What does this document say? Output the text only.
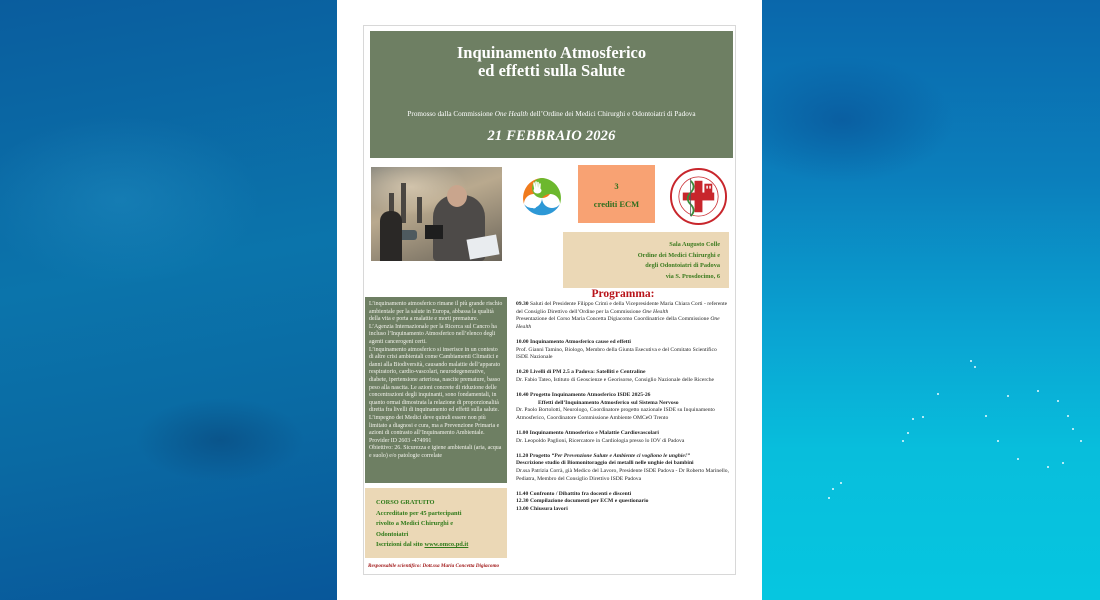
Inquinamento Atmosferico
ed effetti sulla Salute
Promosso dalla Commissione One Health dell’Ordine dei Medici Chirurghi e Odontoiatri di Padova
21 FEBBRAIO 2026
3
crediti ECM
Sala Augusto Colle
Ordine dei Medici Chirurghi e
degli Odontoiatri di Padova
via S. Prosdocimo, 6

L’inquinamento atmosferico rimane il più grande rischio ambientale per la salute in Europa, abbassa la qualità della vita e porta a malattie e morti premature. L’Agenzia Internazionale per la Ricerca sul Cancro ha incluso l’Inquinamento Atmosferico nell’elenco degli agenti cancerogeni certi.

L’inquinamento atmosferico si inserisce in un contesto di altre crisi ambientali come Cambiamenti Climatici e danni alla Biodiversità, causando malattie dell’apparato respiratorio, cardio-vascolari, neurodegenerative, diabete, ipertensione arteriosa, nascite premature, basso peso alla nascita. Le azioni concrete di riduzione delle concentrazioni degli inquinanti, sono fondamentali, in quanto ormai dimostrata la relazione di proporzionalità diretta fra livelli di inquinamento ed effetti sulla salute.

L’impegno dei Medici deve quindi essere non più limitato a diagnosi e cura, ma a Prevenzione Primaria e azioni di contrasto all’Inquinamento Ambientale.

Provider ID 2603 -474991

Obiettivo: 26. Sicurezza e igiene ambientali (aria, acqua e suolo) e/o patologie correlate

CORSO GRATUITO
Accreditato per 45 partecipanti
rivolto a Medici Chirurghi e
Odontoiatri
Iscrizioni dal sito www.omco.pd.it
Responsabile scientifico: Dott.ssa Maria Concetta Digiacomo
Programma:
09.30 Saluti del Presidente Filippo Crimì e della Vicepresidente Maria Chiara Corti - referente del Consiglio Direttivo dell’Ordine per la Commissione One Health
Presentazione del Corso Maria Concetta Digiacomo Coordinatrice della Commissione One Health
10.00 Inquinamento Atmosferico cause ed effetti
Prof. Gianni Tamino, Biologo, Membro della Giunta Esecutiva e del Comitato Scientifico ISDE Nazionale
10.20 Livelli di PM 2.5 a Padova: Satelliti e Centraline
Dr. Fabio Tateo, Istituto di Geoscienze e Georisorse, Consiglio Nazionale delle Ricerche
10.40 Progetto Inquinamento Atmosferico ISDE 2025-26
Effetti dell’Inquinamento Atmosferico sul Sistema Nervoso
Dr. Paolo Bortolotti, Neurologo, Coordinatore progetto nazionale ISDE su Inquinamento Atmosferico, Coordinatore Commissione Ambiente OMCeO Trento
11.00 Inquinamento Atmosferico e Malattie Cardiovascolari
Dr. Leopoldo Paglioni, Ricercatore in Cardiologia presso lo IOV di Padova
11.20 Progetto “Per Prevenzione Salute e Ambiente ci vogliono le unghie!”
Descrizione studio di Biomonitoraggio dei metalli nelle unghie dei bambini
Dr.ssa Patrizia Corrà, già Medico del Lavoro, Presidente ISDE Padova - Dr Roberto Marinello, Pediatra, Membro del Consiglio Direttivo ISDE Padova
11.40 Confronto / Dibattito fra docenti e discenti
12.30 Compilazione documenti per ECM e questionario
13.00 Chiusura lavori
